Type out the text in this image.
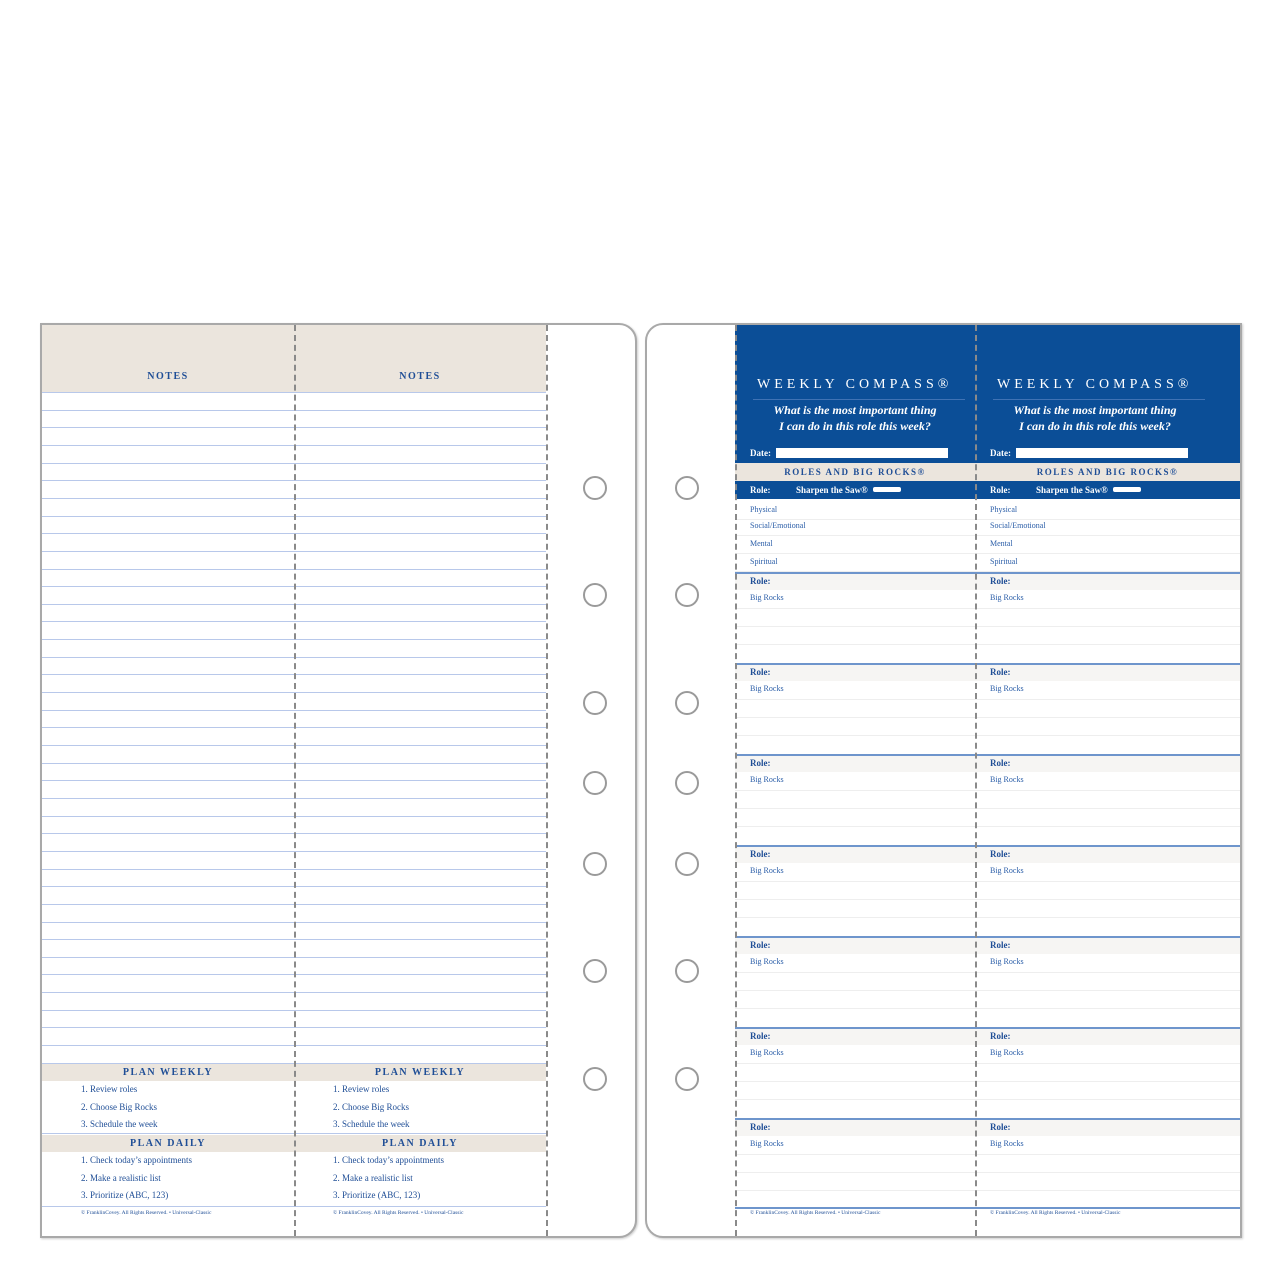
NOTES
PLAN WEEKLY
1. Review roles
2. Choose Big Rocks
3. Schedule the week
PLAN DAILY
1. Check today’s appointments
2. Make a realistic list
3. Prioritize (ABC, 123)
© FranklinCovey. All Rights Reserved. • Universal-Classic
NOTES
PLAN WEEKLY
1. Review roles
2. Choose Big Rocks
3. Schedule the week
PLAN DAILY
1. Check today’s appointments
2. Make a realistic list
3. Prioritize (ABC, 123)
© FranklinCovey. All Rights Reserved. • Universal-Classic
WEEKLY COMPASS®
What is the most important thing
I can do in this role this week?
Date:
ROLES AND BIG ROCKS®
Role:	Sharpen the Saw®
Physical
Social/Emotional
Mental
Spiritual
Role:
Big Rocks
Role:
Big Rocks
Role:
Big Rocks
Role:
Big Rocks
Role:
Big Rocks
Role:
Big Rocks
Role:
Big Rocks
© FranklinCovey. All Rights Reserved. • Universal-Classic
WEEKLY COMPASS®
What is the most important thing
I can do in this role this week?
Date:
ROLES AND BIG ROCKS®
Role:	Sharpen the Saw®
Physical
Social/Emotional
Mental
Spiritual
Role:
Big Rocks
Role:
Big Rocks
Role:
Big Rocks
Role:
Big Rocks
Role:
Big Rocks
Role:
Big Rocks
Role:
Big Rocks
© FranklinCovey. All Rights Reserved. • Universal-Classic
